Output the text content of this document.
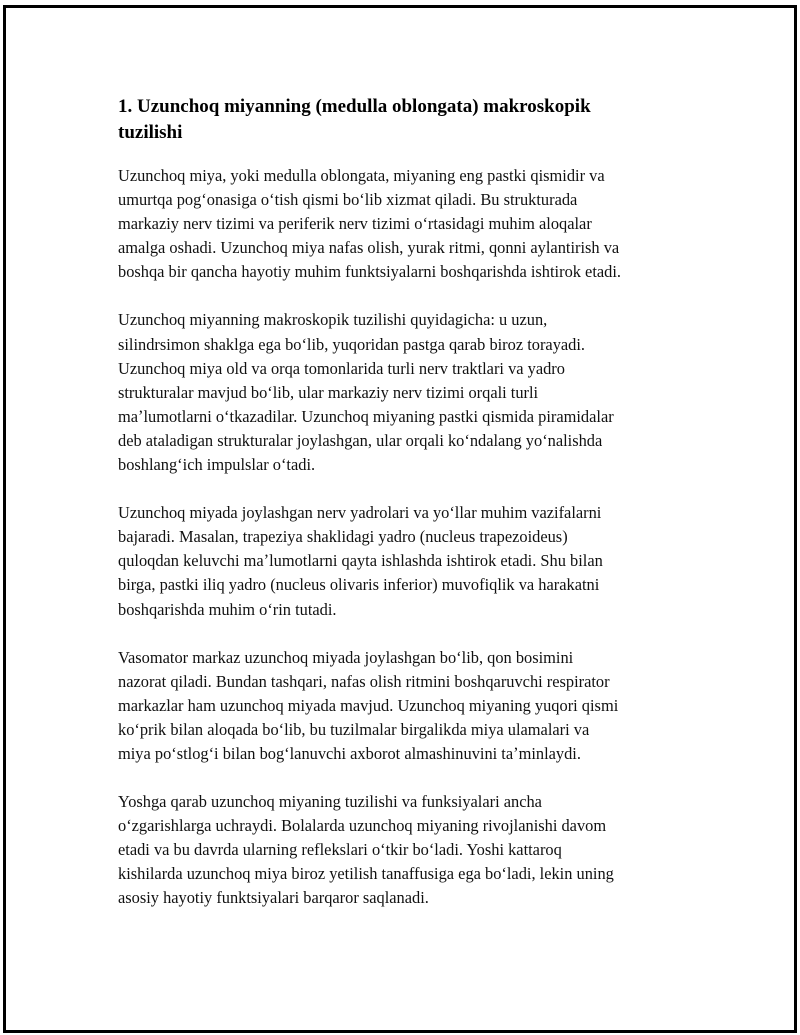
1. Uzunchoq miyanning (medulla oblongata) makroskopik
tuzilishi

Uzunchoq miya, yoki medulla oblongata, miyaning eng pastki qismidir va
umurtqa pogʻonasiga oʻtish qismi boʻlib xizmat qiladi. Bu strukturada
markaziy nerv tizimi va periferik nerv tizimi oʻrtasidagi muhim aloqalar
amalga oshadi. Uzunchoq miya nafas olish, yurak ritmi, qonni aylantirish va
boshqa bir qancha hayotiy muhim funktsiyalarni boshqarishda ishtirok etadi.

Uzunchoq miyanning makroskopik tuzilishi quyidagicha: u uzun,
silindrsimon shaklga ega boʻlib, yuqoridan pastga qarab biroz torayadi.
Uzunchoq miya old va orqa tomonlarida turli nerv traktlari va yadro
strukturalar mavjud boʻlib, ular markaziy nerv tizimi orqali turli
maʼlumotlarni oʻtkazadilar. Uzunchoq miyaning pastki qismida piramidalar
deb ataladigan strukturalar joylashgan, ular orqali koʻndalang yoʻnalishda
boshlangʻich impulslar oʻtadi.

Uzunchoq miyada joylashgan nerv yadrolari va yoʻllar muhim vazifalarni
bajaradi. Masalan, trapeziya shaklidagi yadro (nucleus trapezoideus)
quloqdan keluvchi maʼlumotlarni qayta ishlashda ishtirok etadi. Shu bilan
birga, pastki iliq yadro (nucleus olivaris inferior) muvofiqlik va harakatni
boshqarishda muhim oʻrin tutadi.

Vasomator markaz uzunchoq miyada joylashgan boʻlib, qon bosimini
nazorat qiladi. Bundan tashqari, nafas olish ritmini boshqaruvchi respirator
markazlar ham uzunchoq miyada mavjud. Uzunchoq miyaning yuqori qismi
koʻprik bilan aloqada boʻlib, bu tuzilmalar birgalikda miya ulamalari va
miya poʻstlogʻi bilan bogʻlanuvchi axborot almashinuvini taʼminlaydi.

Yoshga qarab uzunchoq miyaning tuzilishi va funksiyalari ancha
oʻzgarishlarga uchraydi. Bolalarda uzunchoq miyaning rivojlanishi davom
etadi va bu davrda ularning reflekslari oʻtkir boʻladi. Yoshi kattaroq
kishilarda uzunchoq miya biroz yetilish tanaffusiga ega boʻladi, lekin uning
asosiy hayotiy funktsiyalari barqaror saqlanadi.
